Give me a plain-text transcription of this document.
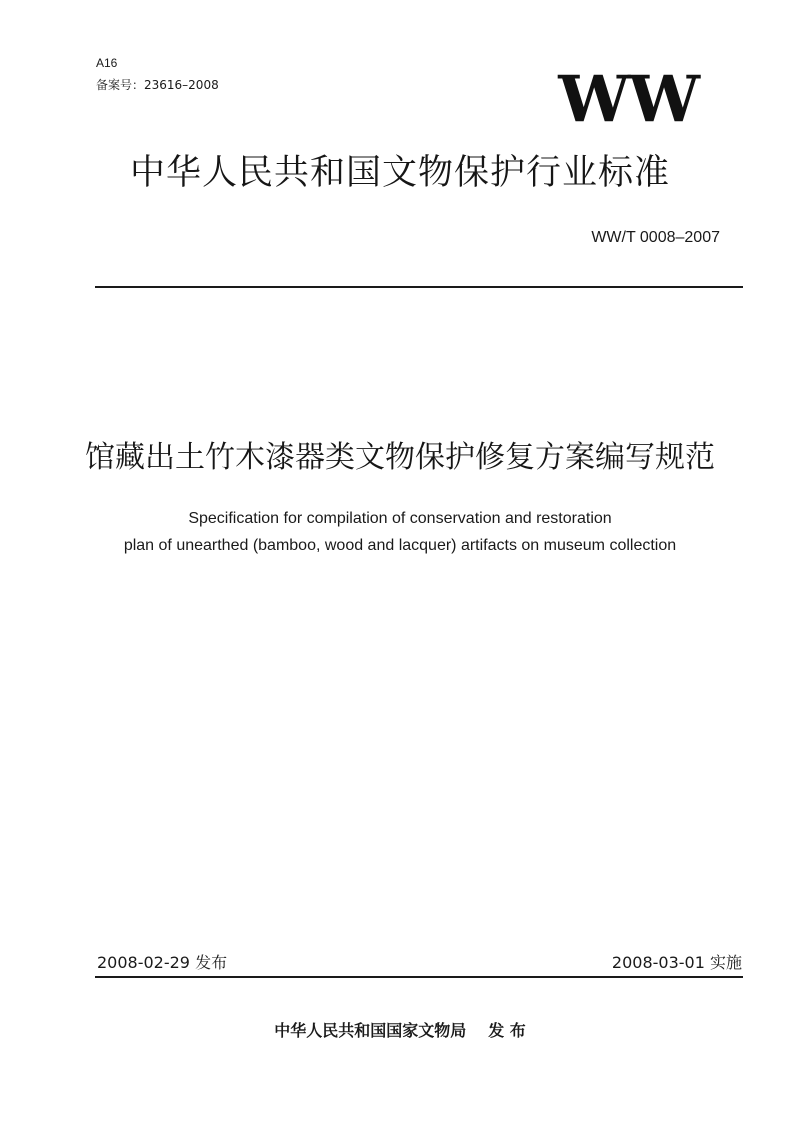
A16
备案号：23616–2008	WW
中华人民共和国文物保护行业标准
WW/T 0008–2007
馆藏出土竹木漆器类文物保护修复方案编写规范
Specification for compilation of conservation and restoration
plan of unearthed (bamboo, wood and lacquer) artifacts on museum collection
2008-02-29 发布	2008-03-01 实施
中华人民共和国国家文物局 发 布
